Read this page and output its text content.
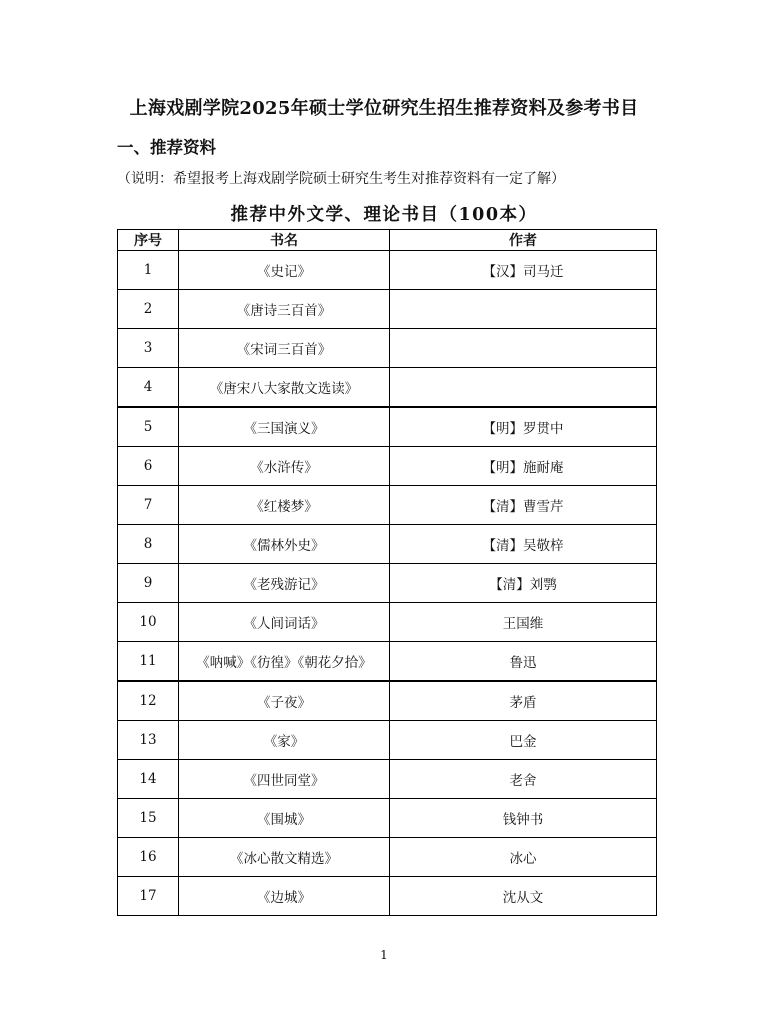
上海戏剧学院2025年硕士学位研究生招生推荐资料及参考书目
一、推荐资料
（说明：希望报考上海戏剧学院硕士研究生考生对推荐资料有一定了解）
推荐中外文学、理论书目（100本）
序号	书名	作者
1	《史记》	【汉】司马迁
2	《唐诗三百首》	
3	《宋词三百首》	
4	《唐宋八大家散文选读》	
5	《三国演义》	【明】罗贯中
6	《水浒传》	【明】施耐庵
7	《红楼梦》	【清】曹雪芹
8	《儒林外史》	【清】吴敬梓
9	《老残游记》	【清】刘鹗
10	《人间词话》	王国维
11	《呐喊》《彷徨》《朝花夕拾》	鲁迅
12	《子夜》	茅盾
13	《家》	巴金
14	《四世同堂》	老舍
15	《围城》	钱钟书
16	《冰心散文精选》	冰心
17	《边城》	沈从文
1
